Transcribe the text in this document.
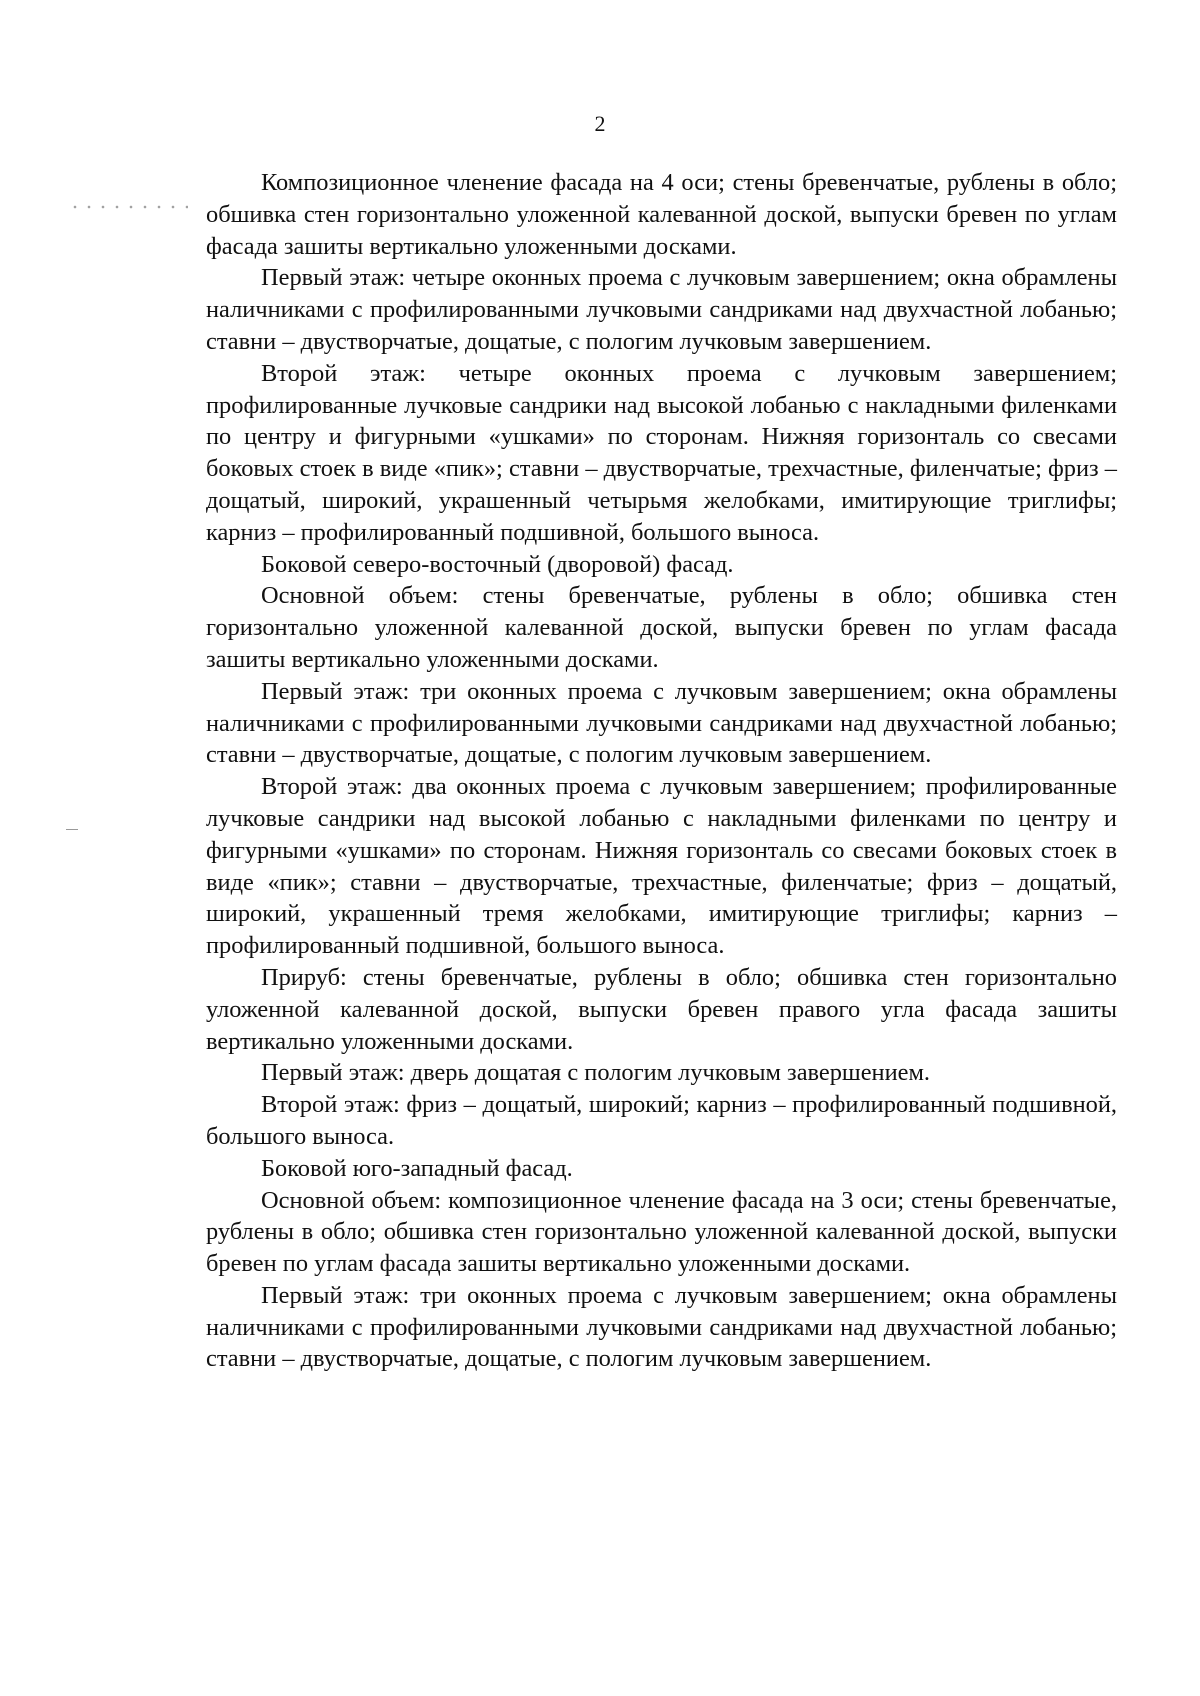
2

Композиционное членение фасада на 4 оси; стены бревенчатые, рублены в обло; обшивка стен горизонтально уложенной калеванной доской, выпуски бревен по углам фасада зашиты вертикально уложенными досками.

Первый этаж: четыре оконных проема с лучковым завершением; окна обрамлены наличниками с профилированными лучковыми сандриками над двухчастной лобанью; ставни – двустворчатые, дощатые, с пологим лучковым завершением.

Второй этаж: четыре оконных проема с лучковым завершением; профилированные лучковые сандрики над высокой лобанью с накладными филенками по центру и фигурными «ушками» по сторонам. Нижняя горизонталь со свесами боковых стоек в виде «пик»; ставни – двустворчатые, трехчастные, филенчатые; фриз – дощатый, широкий, украшенный четырьмя желобками, имитирующие триглифы; карниз – профилированный подшивной, большого выноса.

Боковой северо-восточный (дворовой) фасад.

Основной объем: стены бревенчатые, рублены в обло; обшивка стен горизонтально уложенной калеванной доской, выпуски бревен по углам фасада зашиты вертикально уложенными досками.

Первый этаж: три оконных проема с лучковым завершением; окна обрамлены наличниками с профилированными лучковыми сандриками над двухчастной лобанью; ставни – двустворчатые, дощатые, с пологим лучковым завершением.

Второй этаж: два оконных проема с лучковым завершением; профилированные лучковые сандрики над высокой лобанью с накладными филенками по центру и фигурными «ушками» по сторонам. Нижняя горизонталь со свесами боковых стоек в виде «пик»; ставни – двустворчатые, трехчастные, филенчатые; фриз – дощатый, широкий, украшенный тремя желобками, имитирующие триглифы; карниз – профилированный подшивной, большого выноса.

Прируб: стены бревенчатые, рублены в обло; обшивка стен горизонтально уложенной калеванной доской, выпуски бревен правого угла фасада зашиты вертикально уложенными досками.

Первый этаж: дверь дощатая с пологим лучковым завершением.

Второй этаж: фриз – дощатый, широкий; карниз – профилированный подшивной, большого выноса.

Боковой юго-западный фасад.

Основной объем: композиционное членение фасада на 3 оси; стены бревенчатые, рублены в обло; обшивка стен горизонтально уложенной калеванной доской, выпуски бревен по углам фасада зашиты вертикально уложенными досками.

Первый этаж: три оконных проема с лучковым завершением; окна обрамлены наличниками с профилированными лучковыми сандриками над двухчастной лобанью; ставни – двустворчатые, дощатые, с пологим лучковым завершением.
